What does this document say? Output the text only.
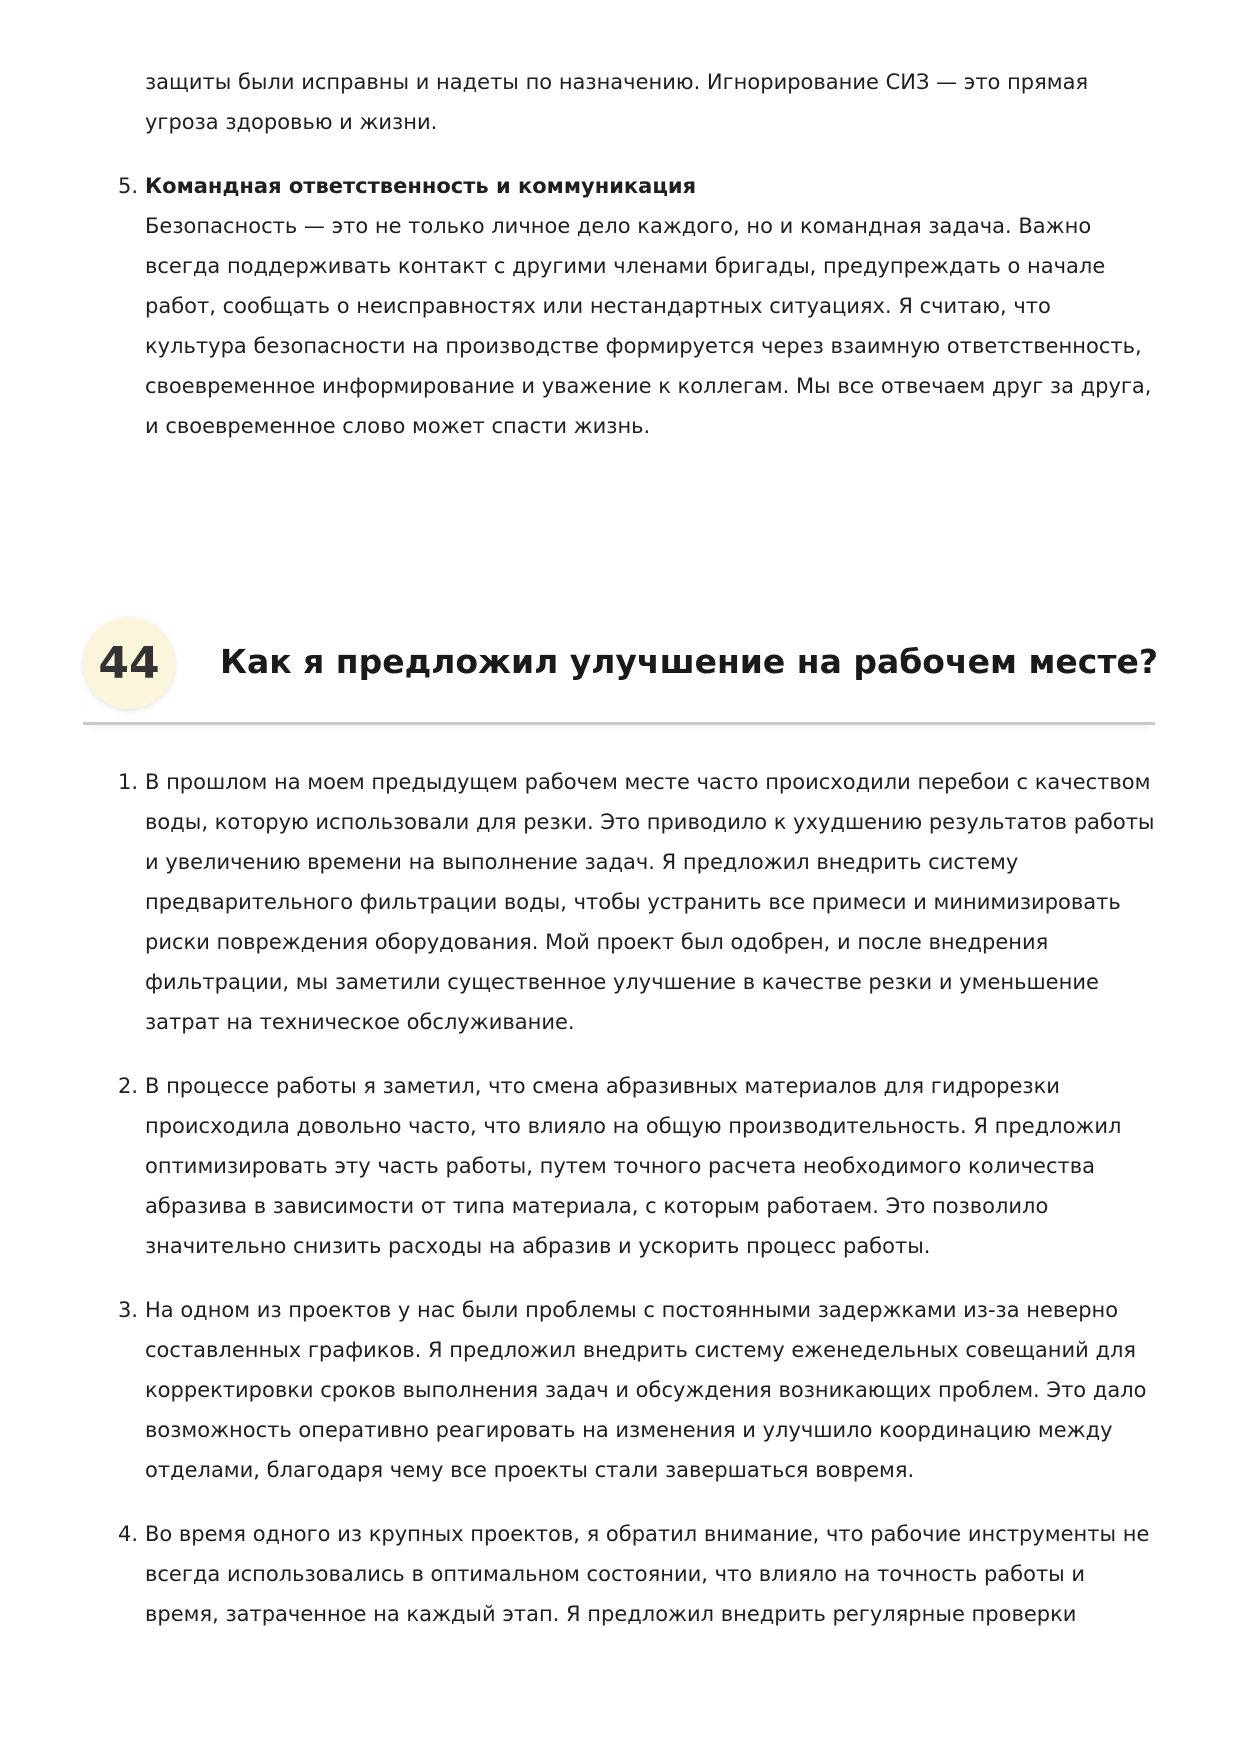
защиты были исправны и надеты по назначению. Игнорирование СИЗ — это прямая угроза здоровью и жизни.
5. Командная ответственность и коммуникация
Безопасность — это не только личное дело каждого, но и командная задача. Важно всегда поддерживать контакт с другими членами бригады, предупреждать о начале работ, сообщать о неисправностях или нестандартных ситуациях. Я считаю, что культура безопасности на производстве формируется через взаимную ответственность, своевременное информирование и уважение к коллегам. Мы все отвечаем друг за друга, и своевременное слово может спасти жизнь.
44	Как я предложил улучшение на рабочем месте?
1. В прошлом на моем предыдущем рабочем месте часто происходили перебои с качеством воды, которую использовали для резки. Это приводило к ухудшению результатов работы и увеличению времени на выполнение задач. Я предложил внедрить систему предварительного фильтрации воды, чтобы устранить все примеси и минимизировать риски повреждения оборудования. Мой проект был одобрен, и после внедрения фильтрации, мы заметили существенное улучшение в качестве резки и уменьшение затрат на техническое обслуживание.
2. В процессе работы я заметил, что смена абразивных материалов для гидрорезки происходила довольно часто, что влияло на общую производительность. Я предложил оптимизировать эту часть работы, путем точного расчета необходимого количества абразива в зависимости от типа материала, с которым работаем. Это позволило значительно снизить расходы на абразив и ускорить процесс работы.
3. На одном из проектов у нас были проблемы с постоянными задержками из-за неверно составленных графиков. Я предложил внедрить систему еженедельных совещаний для корректировки сроков выполнения задач и обсуждения возникающих проблем. Это дало возможность оперативно реагировать на изменения и улучшило координацию между отделами, благодаря чему все проекты стали завершаться вовремя.
4. Во время одного из крупных проектов, я обратил внимание, что рабочие инструменты не всегда использовались в оптимальном состоянии, что влияло на точность работы и время, затраченное на каждый этап. Я предложил внедрить регулярные проверки
